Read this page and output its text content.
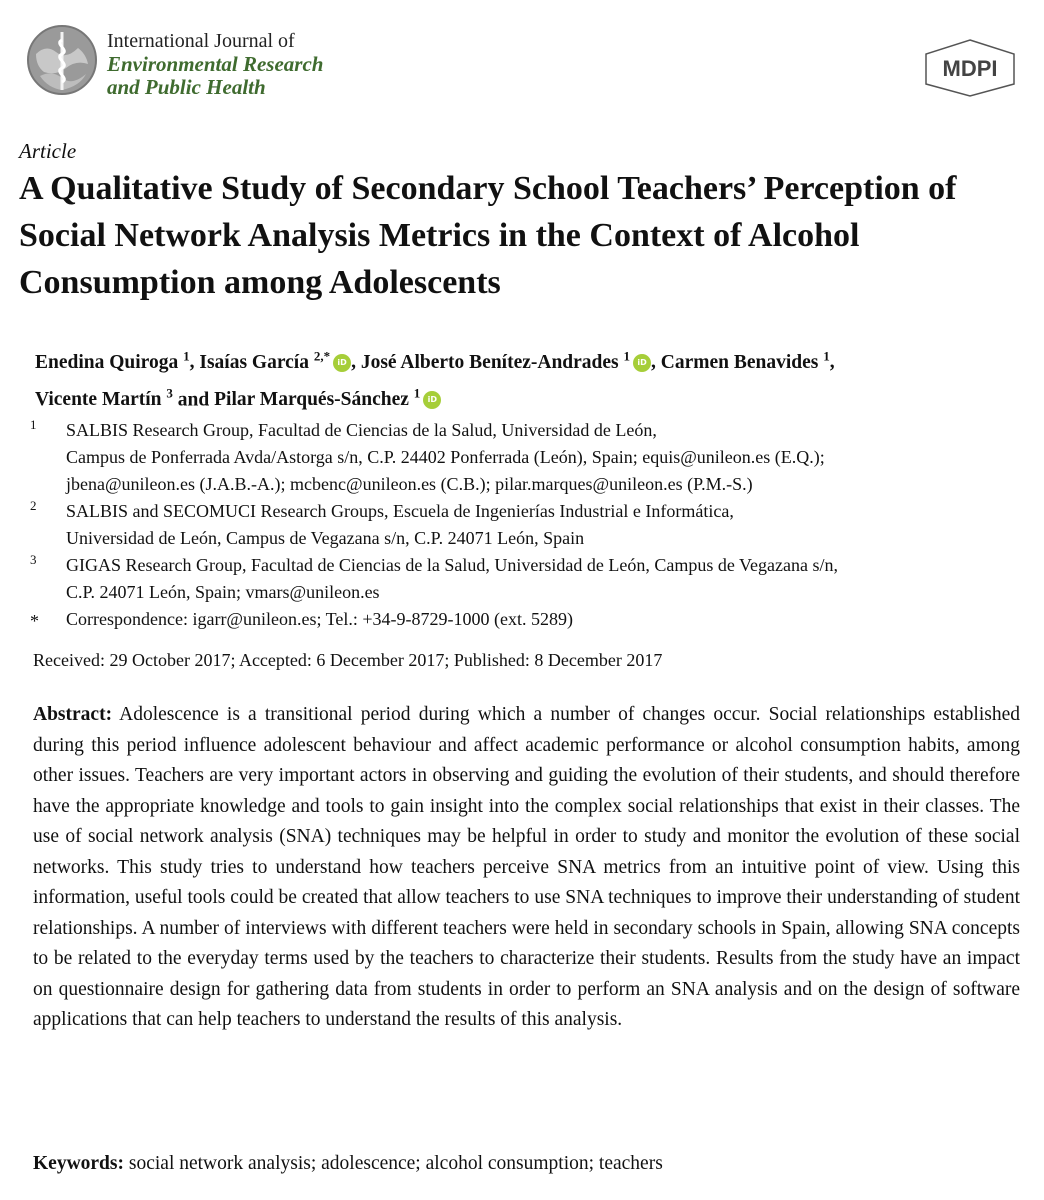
International Journal of
Environmental Research
and Public Health
MDPI
Article
A Qualitative Study of Secondary School Teachers’ Perception of Social Network Analysis Metrics in the Context of Alcohol Consumption among Adolescents
Enedina Quiroga $^1$, Isaías García $^{2,*}$ iD , José Alberto Benítez-Andrades $^1$ iD , Carmen Benavides $^1$,
Vicente Martín $^3$ and Pilar Marqués-Sánchez $^1$ iD
1 SALBIS Research Group, Facultad de Ciencias de la Salud, Universidad de León,
Campus de Ponferrada Avda/Astorga s/n, C.P. 24402 Ponferrada (León), Spain; equis@unileon.es (E.Q.);
jbena@unileon.es (J.A.B.-A.); mcbenc@unileon.es (C.B.); pilar.marques@unileon.es (P.M.-S.)
2 SALBIS and SECOMUCI Research Groups, Escuela de Ingenierías Industrial e Informática,
Universidad de León, Campus de Vegazana s/n, C.P. 24071 León, Spain
3 GIGAS Research Group, Facultad de Ciencias de la Salud, Universidad de León, Campus de Vegazana s/n,
C.P. 24071 León, Spain; vmars@unileon.es
* Correspondence: igarr@unileon.es; Tel.: +34-9-8729-1000 (ext. 5289)
Received: 29 October 2017; Accepted: 6 December 2017; Published: 8 December 2017

Abstract: Adolescence is a transitional period during which a number of changes occur. Social relationships established during this period influence adolescent behaviour and affect academic performance or alcohol consumption habits, among other issues. Teachers are very important actors in observing and guiding the evolution of their students, and should therefore have the appropriate knowledge and tools to gain insight into the complex social relationships that exist in their classes. The use of social network analysis (SNA) techniques may be helpful in order to study and monitor the evolution of these social networks. This study tries to understand how teachers perceive SNA metrics from an intuitive point of view. Using this information, useful tools could be created that allow teachers to use SNA techniques to improve their understanding of student relationships. A number of interviews with different teachers were held in secondary schools in Spain, allowing SNA concepts to be related to the everyday terms used by the teachers to characterize their students. Results from the study have an impact on questionnaire design for gathering data from students in order to perform an SNA analysis and on the design of software applications that can help teachers to understand the results of this analysis.

Keywords: social network analysis; adolescence; alcohol consumption; teachers
